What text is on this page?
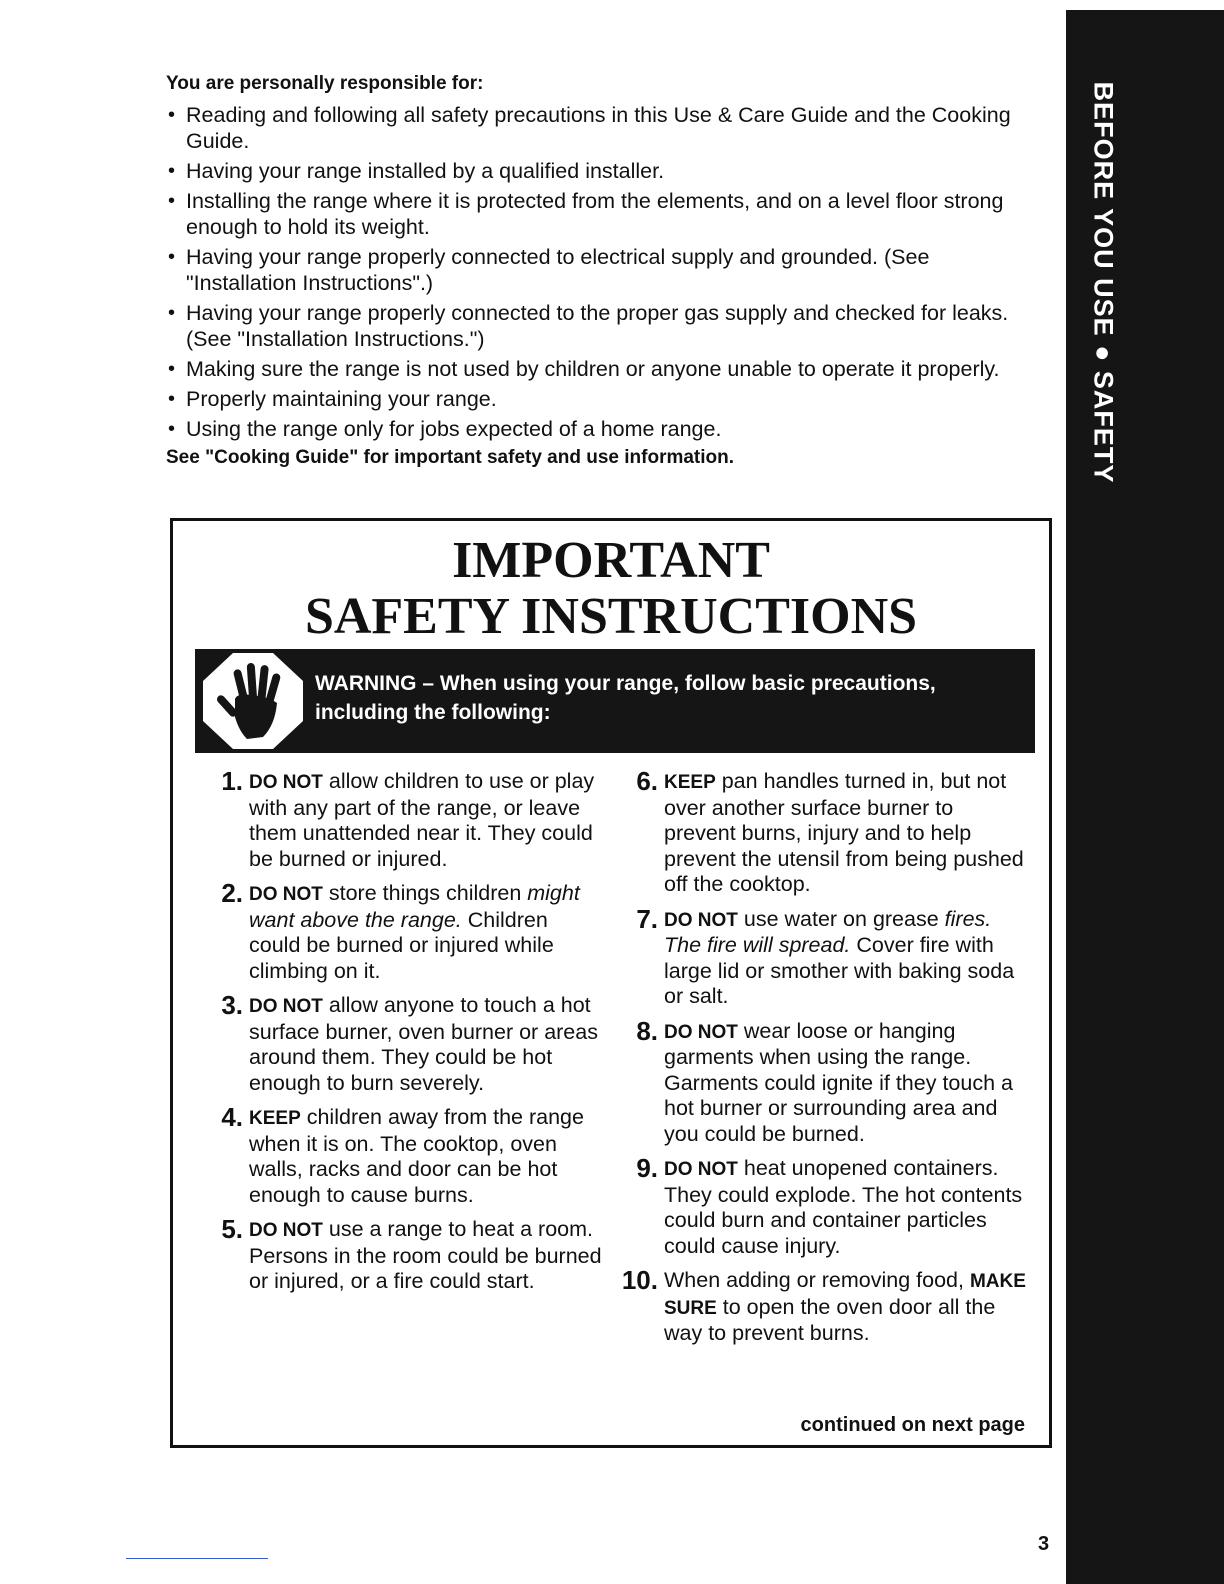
BEFORE YOU USE ● SAFETY
You are personally responsible for:
• Reading and following all safety precautions in this Use & Care Guide and the Cooking Guide.
• Having your range installed by a qualified installer.
• Installing the range where it is protected from the elements, and on a level floor strong enough to hold its weight.
• Having your range properly connected to electrical supply and grounded. (See "Installation Instructions".)
• Having your range properly connected to the proper gas supply and checked for leaks. (See "Installation Instructions.")
• Making sure the range is not used by children or anyone unable to operate it properly.
• Properly maintaining your range.
• Using the range only for jobs expected of a home range.
See "Cooking Guide" for important safety and use information.
IMPORTANT
SAFETY INSTRUCTIONS
WARNING – When using your range, follow basic precautions,
including the following:
1. DO NOT allow children to use or play with any part of the range, or leave them unattended near it. They could be burned or injured.
2. DO NOT store things children might want above the range. Children could be burned or injured while climbing on it.
3. DO NOT allow anyone to touch a hot surface burner, oven burner or areas around them. They could be hot enough to burn severely.
4. KEEP children away from the range when it is on. The cooktop, oven walls, racks and door can be hot enough to cause burns.
5. DO NOT use a range to heat a room. Persons in the room could be burned or injured, or a fire could start.
6. KEEP pan handles turned in, but not over another surface burner to prevent burns, injury and to help prevent the utensil from being pushed off the cooktop.
7. DO NOT use water on grease fires. The fire will spread. Cover fire with large lid or smother with baking soda or salt.
8. DO NOT wear loose or hanging garments when using the range. Garments could ignite if they touch a hot burner or surrounding area and you could be burned.
9. DO NOT heat unopened containers. They could explode. The hot contents could burn and container particles could cause injury.
10. When adding or removing food, MAKE SURE to open the oven door all the way to prevent burns.
continued on next page
3
